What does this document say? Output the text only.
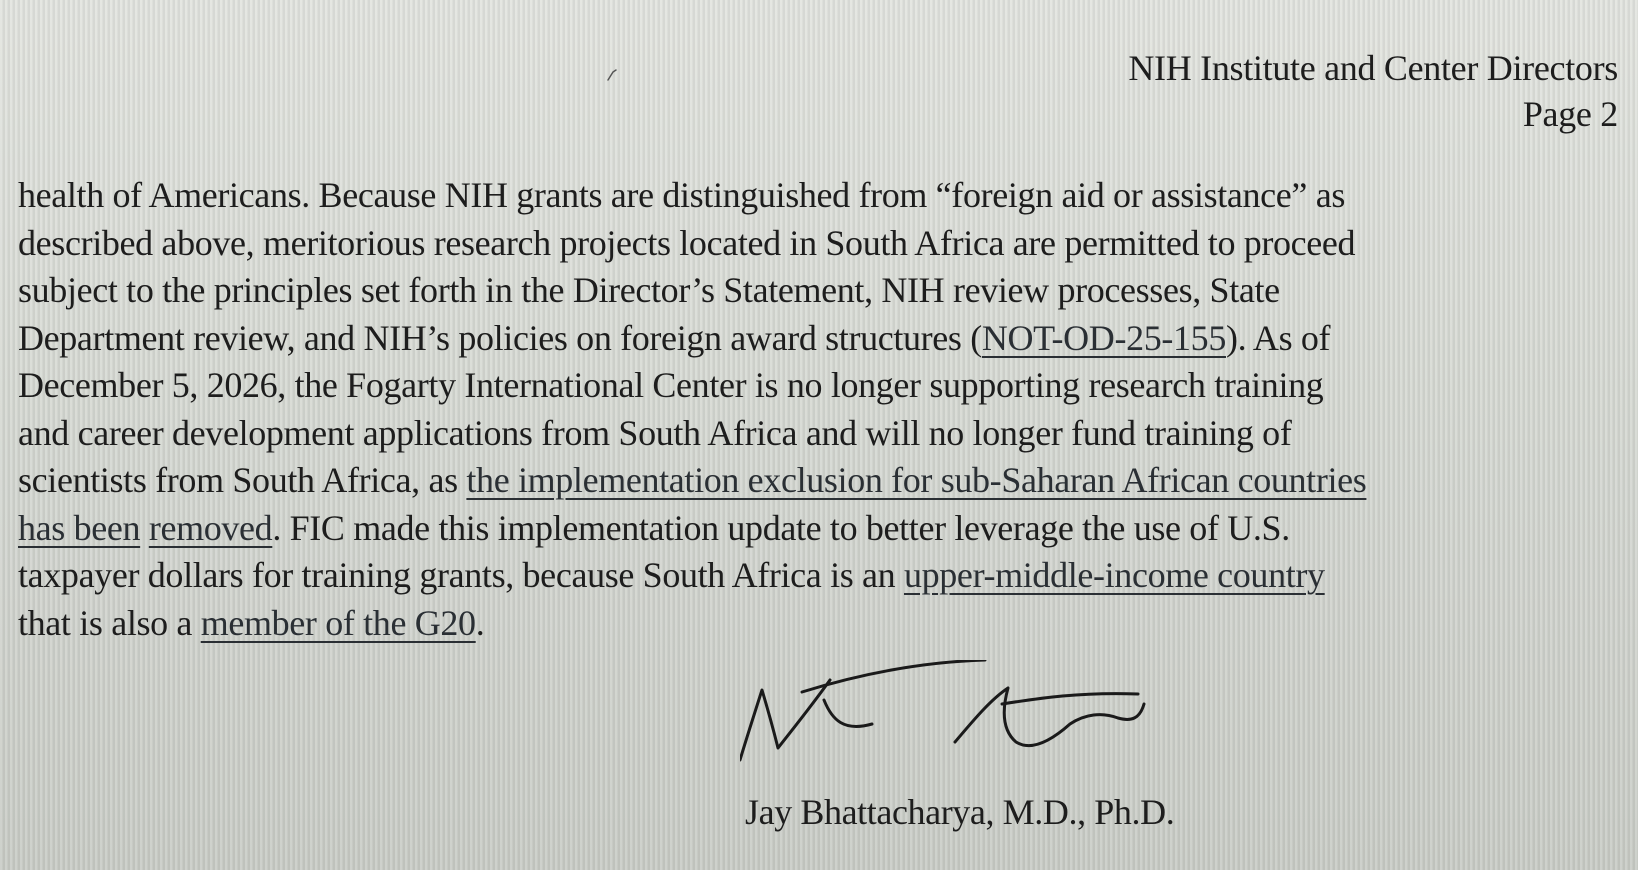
NIH Institute and Center Directors
Page 2
health of Americans. Because NIH grants are distinguished from “foreign aid or assistance” as
described above, meritorious research projects located in South Africa are permitted to proceed
subject to the principles set forth in the Director’s Statement, NIH review processes, State
Department review, and NIH’s policies on foreign award structures (NOT-OD-25-155). As of
December 5, 2026, the Fogarty International Center is no longer supporting research training
and career development applications from South Africa and will no longer fund training of
scientists from South Africa, as the implementation exclusion for sub-Saharan African countries
has been removed. FIC made this implementation update to better leverage the use of U.S.
taxpayer dollars for training grants, because South Africa is an upper-middle-income country
that is also a member of the G20.
Jay Bhattacharya, M.D., Ph.D.
